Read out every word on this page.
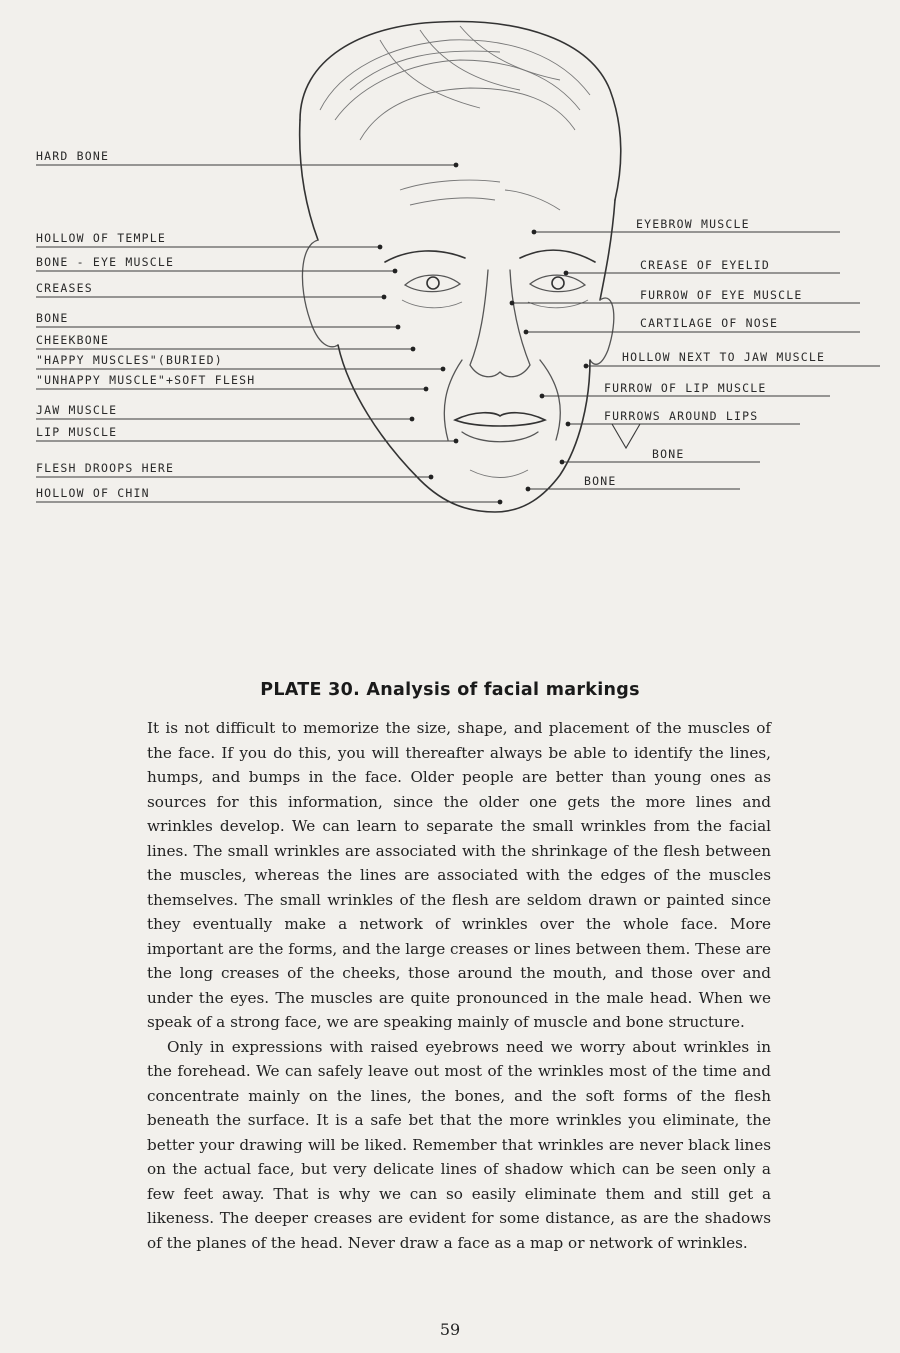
HARD BONE
HOLLOW OF TEMPLE
BONE - EYE MUSCLE
CREASES
BONE
CHEEKBONE
"HAPPY MUSCLES"(BURIED)
"UNHAPPY MUSCLE"+SOFT FLESH
JAW MUSCLE
LIP MUSCLE
FLESH DROOPS HERE
HOLLOW OF CHIN
EYEBROW MUSCLE
CREASE OF EYELID
FURROW OF EYE MUSCLE
CARTILAGE OF NOSE
HOLLOW NEXT TO JAW MUSCLE
FURROW OF LIP MUSCLE
FURROWS AROUND LIPS
BONE
BONE
PLATE 30. Analysis of facial markings

It is not difficult to memorize the size, shape, and placement of the muscles of the face. If you do this, you will thereafter always be able to identify the lines, humps, and bumps in the face. Older people are better than young ones as sources for this information, since the older one gets the more lines and wrinkles develop. We can learn to separate the small wrinkles from the facial lines. The small wrinkles are associated with the shrinkage of the flesh between the muscles, whereas the lines are associated with the edges of the muscles themselves. The small wrinkles of the flesh are seldom drawn or painted since they eventually make a network of wrinkles over the whole face. More important are the forms, and the large creases or lines between them. These are the long creases of the cheeks, those around the mouth, and those over and under the eyes. The muscles are quite pronounced in the male head. When we speak of a strong face, we are speaking mainly of muscle and bone structure.

Only in expressions with raised eyebrows need we worry about wrinkles in the forehead. We can safely leave out most of the wrinkles most of the time and concentrate mainly on the lines, the bones, and the soft forms of the flesh beneath the surface. It is a safe bet that the more wrinkles you eliminate, the better your drawing will be liked. Remember that wrinkles are never black lines on the actual face, but very delicate lines of shadow which can be seen only a few feet away. That is why we can so easily eliminate them and still get a likeness. The deeper creases are evident for some distance, as are the shadows of the planes of the head. Never draw a face as a map or network of wrinkles.

59
